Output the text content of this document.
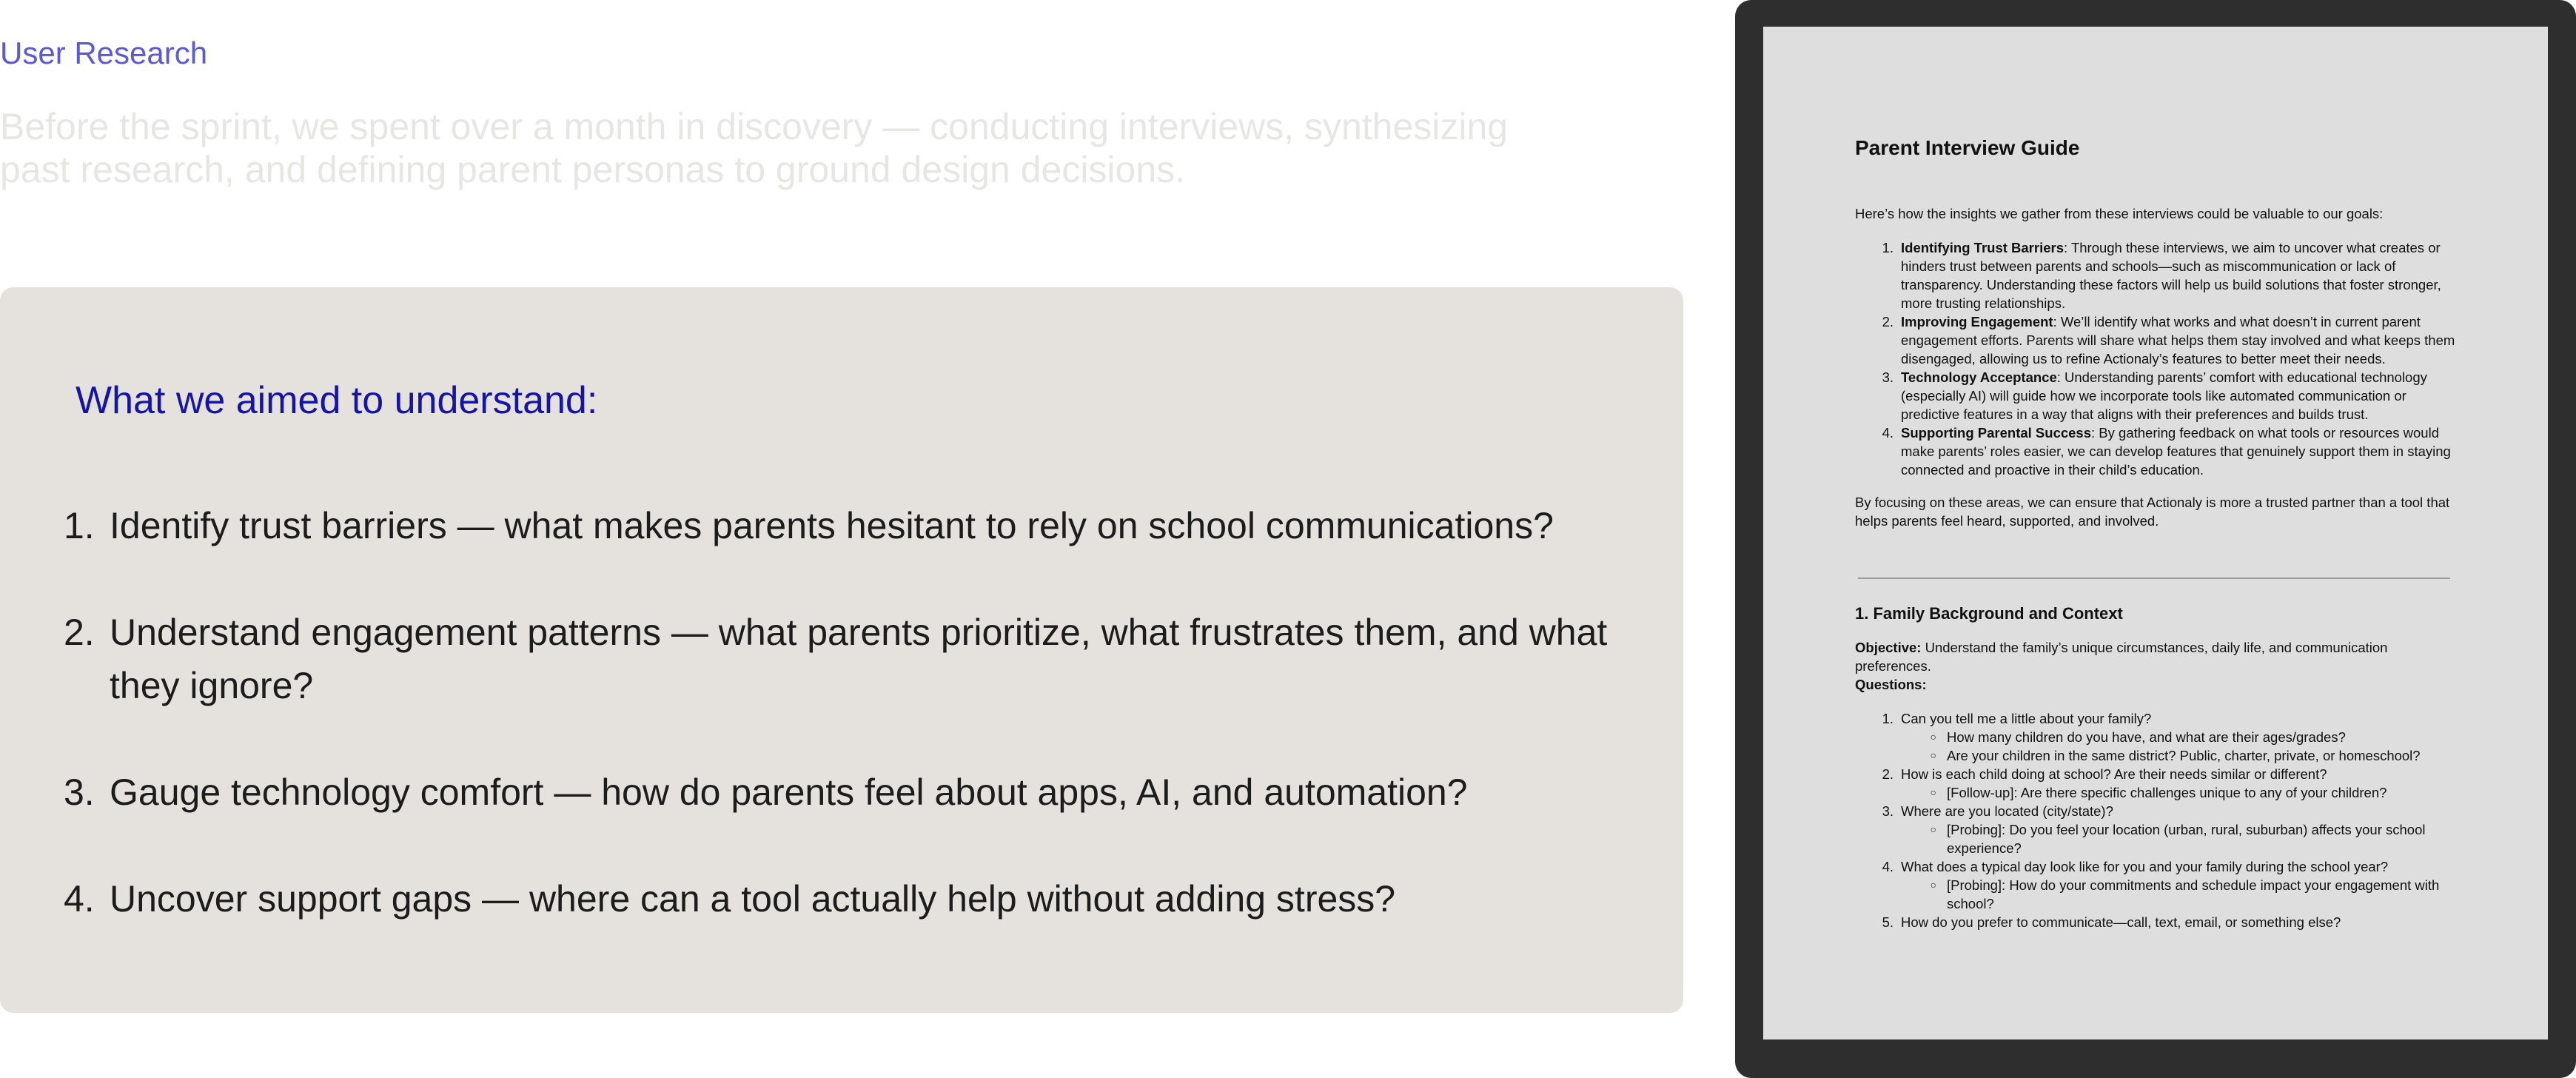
User Research

Before the sprint, we spent over a month in discovery — conducting interviews, synthesizing past research, and defining parent personas to ground design decisions.

What we aimed to understand:
1. Identify trust barriers — what makes parents hesitant to rely on school communications?
2. Understand engagement patterns — what parents prioritize, what frustrates them, and what they ignore?
3. Gauge technology comfort — how do parents feel about apps, AI, and automation?
4. Uncover support gaps — where can a tool actually help without adding stress?
Parent Interview Guide

Here’s how the insights we gather from these interviews could be valuable to our goals:

1. Identifying Trust Barriers: Through these interviews, we aim to uncover what creates or hinders trust between parents and schools—such as miscommunication or lack of transparency. Understanding these factors will help us build solutions that foster stronger, more trusting relationships.
2. Improving Engagement: We’ll identify what works and what doesn’t in current parent engagement efforts. Parents will share what helps them stay involved and what keeps them disengaged, allowing us to refine Actionaly’s features to better meet their needs.
3. Technology Acceptance: Understanding parents’ comfort with educational technology (especially AI) will guide how we incorporate tools like automated communication or predictive features in a way that aligns with their preferences and builds trust.
4. Supporting Parental Success: By gathering feedback on what tools or resources would make parents’ roles easier, we can develop features that genuinely support them in staying connected and proactive in their child’s education.

By focusing on these areas, we can ensure that Actionaly is more a trusted partner than a tool that helps parents feel heard, supported, and involved.

1. Family Background and Context

Objective: Understand the family’s unique circumstances, daily life, and communication preferences.

Questions:

1. Can you tell me a little about your family?
○ How many children do you have, and what are their ages/grades?
○ Are your children in the same district? Public, charter, private, or homeschool?
2. How is each child doing at school? Are their needs similar or different?
○ [Follow-up]: Are there specific challenges unique to any of your children?
3. Where are you located (city/state)?
○ [Probing]: Do you feel your location (urban, rural, suburban) affects your school experience?
4. What does a typical day look like for you and your family during the school year?
○ [Probing]: How do your commitments and schedule impact your engagement with school?
5. How do you prefer to communicate—call, text, email, or something else?
